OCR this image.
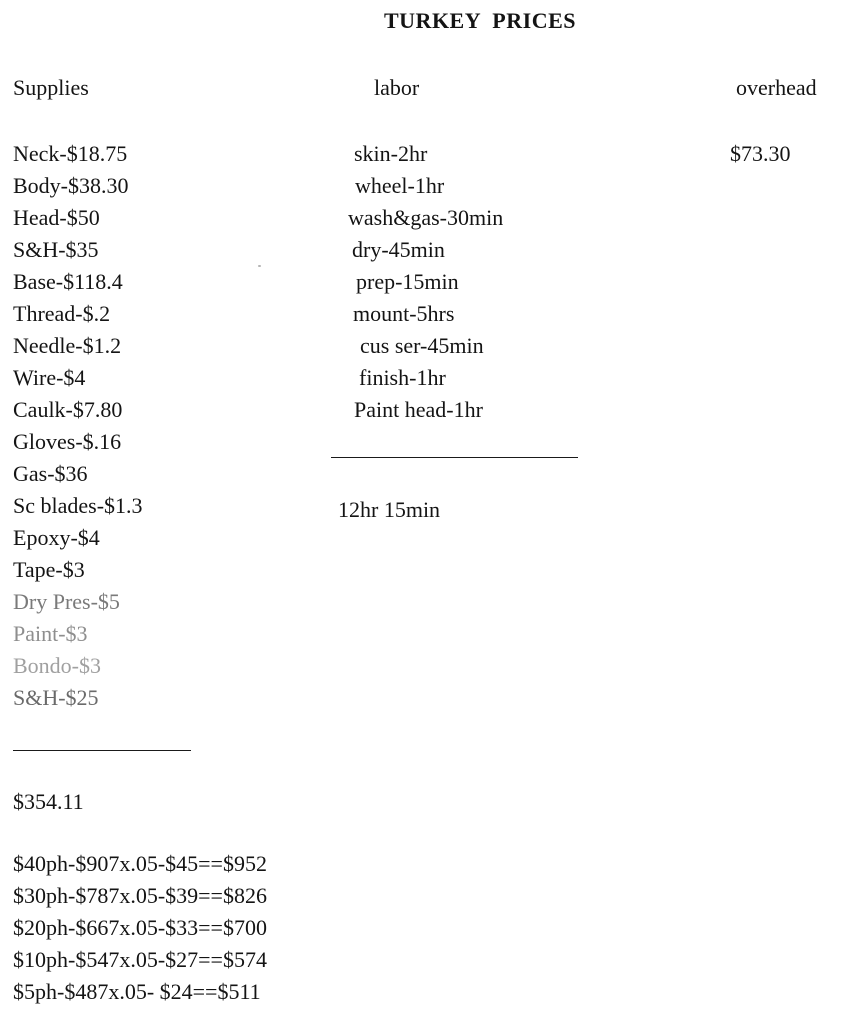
TURKEY PRICES
Supplies	labor	overhead
Neck-$18.75
Body-$38.30
Head-$50
S&H-$35
Base-$118.4
Thread-$.2
Needle-$1.2
Wire-$4
Caulk-$7.80
Gloves-$.16
Gas-$36
Sc blades-$1.3
Epoxy-$4
Tape-$3
Dry Pres-$5
Paint-$3
Bondo-$3
S&H-$25
skin-2hr
wheel-1hr
wash&gas-30min
dry-45min
prep-15min
mount-5hrs
cus ser-45min
finish-1hr
Paint head-1hr
$73.30
12hr 15min
$354.11
$40ph-$907x.05-$45==$952
$30ph-$787x.05-$39==$826
$20ph-$667x.05-$33==$700
$10ph-$547x.05-$27==$574
$5ph-$487x.05- $24==$511
